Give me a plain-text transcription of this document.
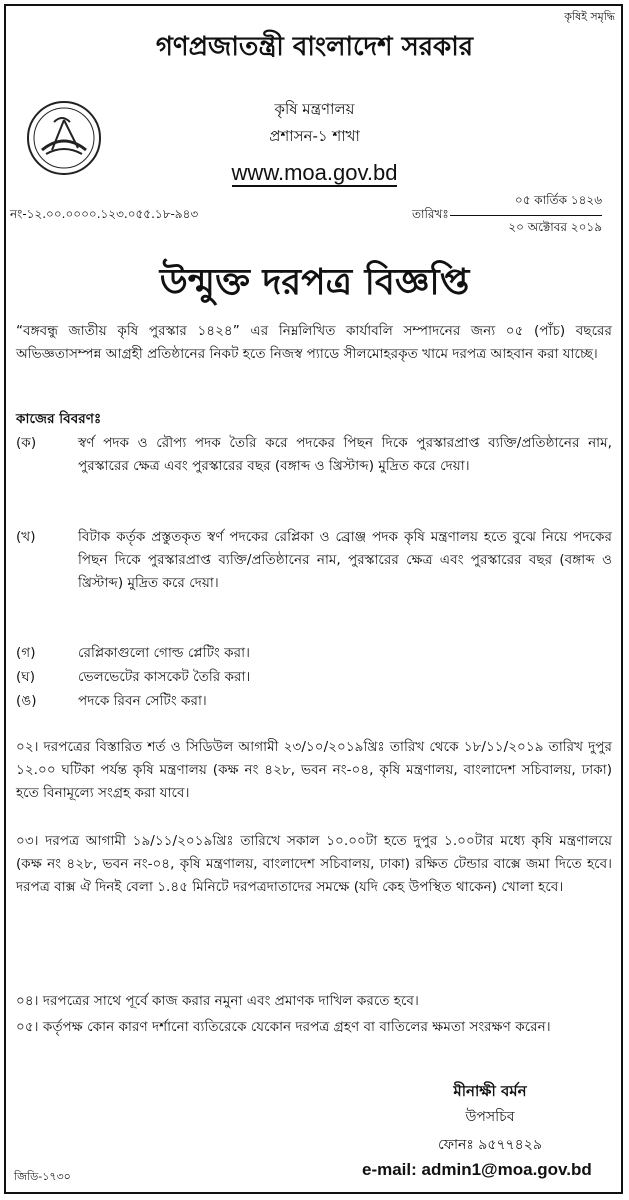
কৃষিই সমৃদ্ধি
গণপ্রজাতন্ত্রী বাংলাদেশ সরকার
কৃষি মন্ত্রণালয়
প্রশাসন-১ শাখা
www.moa.gov.bd
নং-১২.০০.০০০০.১২৩.০৫৫.১৮-৯৪৩	তারিখঃ
০৫ কার্তিক ১৪২৬
২০ অক্টোবর ২০১৯
উন্মুক্ত দরপত্র বিজ্ঞপ্তি
“বঙ্গবন্ধু জাতীয় কৃষি পুরস্কার ১৪২৪” এর নিম্নলিখিত কার্যাবলি সম্পাদনের জন্য ০৫ (পাঁচ) বছরের অভিজ্ঞতাসম্পন্ন আগ্রহী প্রতিষ্ঠানের নিকট হতে নিজস্ব প্যাডে সীলমোহরকৃত খামে দরপত্র আহবান করা যাচ্ছে।
কাজের বিবরণঃ
(ক)	স্বর্ণ পদক ও রৌপ্য পদক তৈরি করে পদকের পিছন দিকে পুরস্কারপ্রাপ্ত ব্যক্তি/প্রতিষ্ঠানের নাম, পুরস্কারের ক্ষেত্র এবং পুরস্কারের বছর (বঙ্গাব্দ ও খ্রিস্টাব্দ) মুদ্রিত করে দেয়া।
(খ)	বিটাক কর্তৃক প্রস্তুতকৃত স্বর্ণ পদকের রেপ্লিকা ও ব্রোঞ্জ পদক কৃষি মন্ত্রণালয় হতে বুঝে নিয়ে পদকের পিছন দিকে পুরস্কারপ্রাপ্ত ব্যক্তি/প্রতিষ্ঠানের নাম, পুরস্কারের ক্ষেত্র এবং পুরস্কারের বছর (বঙ্গাব্দ ও খ্রিস্টাব্দ) মুদ্রিত করে দেয়া।
(গ)	রেপ্লিকাগুলো গোল্ড প্লেটিং করা।
(ঘ)	ভেলভেটের কাসকেট তৈরি করা।
(ঙ)	পদকে রিবন সেটিং করা।
০২। দরপত্রের বিস্তারিত শর্ত ও সিডিউল আগামী ২৩/১০/২০১৯খ্রিঃ তারিখ থেকে ১৮/১১/২০১৯ তারিখ দুপুর ১২.০০ ঘটিকা পর্যন্ত কৃষি মন্ত্রণালয় (কক্ষ নং ৪২৮, ভবন নং-০৪, কৃষি মন্ত্রণালয়, বাংলাদেশ সচিবালয়, ঢাকা) হতে বিনামূল্যে সংগ্রহ করা যাবে।
০৩। দরপত্র আগামী ১৯/১১/২০১৯খ্রিঃ তারিখে সকাল ১০.০০টা হতে দুপুর ১.০০টার মধ্যে কৃষি মন্ত্রণালয়ে (কক্ষ নং ৪২৮, ভবন নং-০৪, কৃষি মন্ত্রণালয়, বাংলাদেশ সচিবালয়, ঢাকা) রক্ষিত টেন্ডার বাক্সে জমা দিতে হবে। দরপত্র বাক্স ঐ দিনই বেলা ১.৪৫ মিনিটে দরপত্রদাতাদের সমক্ষে (যদি কেহ উপস্থিত থাকেন) খোলা হবে।
০৪। দরপত্রের সাথে পূর্বে কাজ করার নমুনা এবং প্রমাণক দাখিল করতে হবে।
০৫। কর্তৃপক্ষ কোন কারণ দর্শানো ব্যতিরেকে যেকোন দরপত্র গ্রহণ বা বাতিলের ক্ষমতা সংরক্ষণ করেন।
মীনাক্ষী বর্মন
উপসচিব
ফোনঃ ৯৫৭৭৪২৯
e-mail: admin1@moa.gov.bd
জিডি-১৭৩০
